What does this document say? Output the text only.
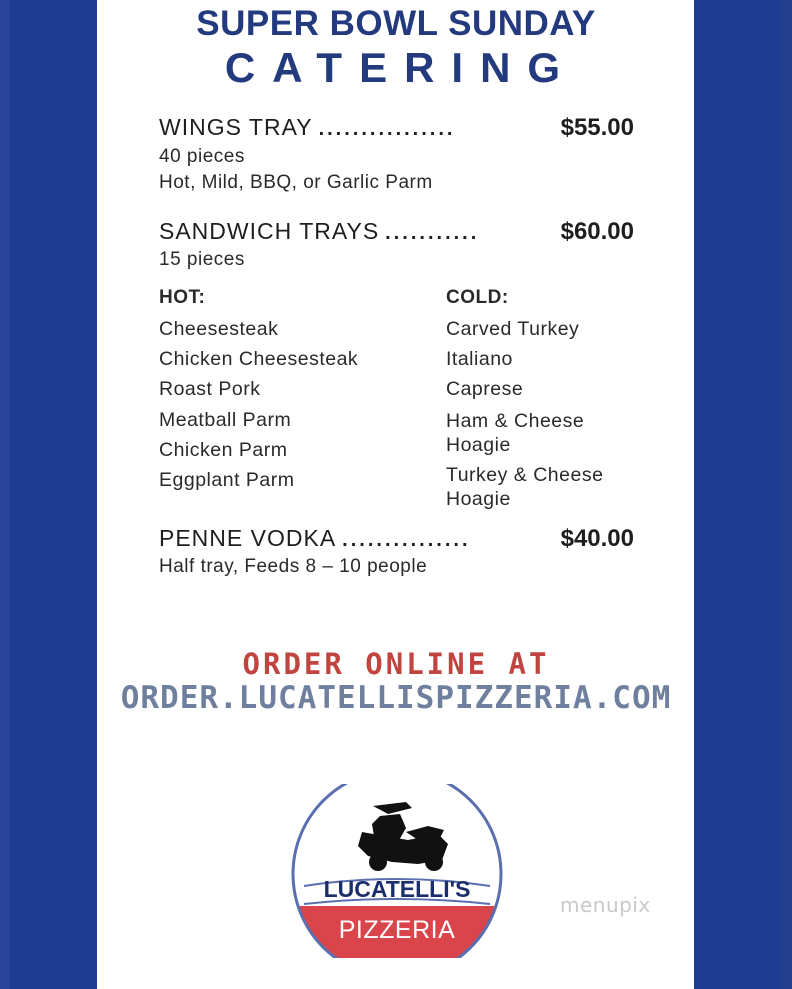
SUPER BOWL SUNDAY
CATERING
WINGS TRAY ................	$55.00
40 pieces
Hot, Mild, BBQ, or Garlic Parm
SANDWICH TRAYS ...........	$60.00
15 pieces
HOT:
Cheesesteak
Chicken Cheesesteak
Roast Pork
Meatball Parm
Chicken Parm
Eggplant Parm
COLD:
Carved Turkey
Italiano
Caprese
Ham & Cheese Hoagie
Turkey & Cheese Hoagie
PENNE VODKA ...............	$40.00
Half tray, Feeds 8 – 10 people
ORDER ONLINE AT
ORDER.LUCATELLISPIZZERIA.COM
LUCATELLI'S
PIZZERIA
menupix
